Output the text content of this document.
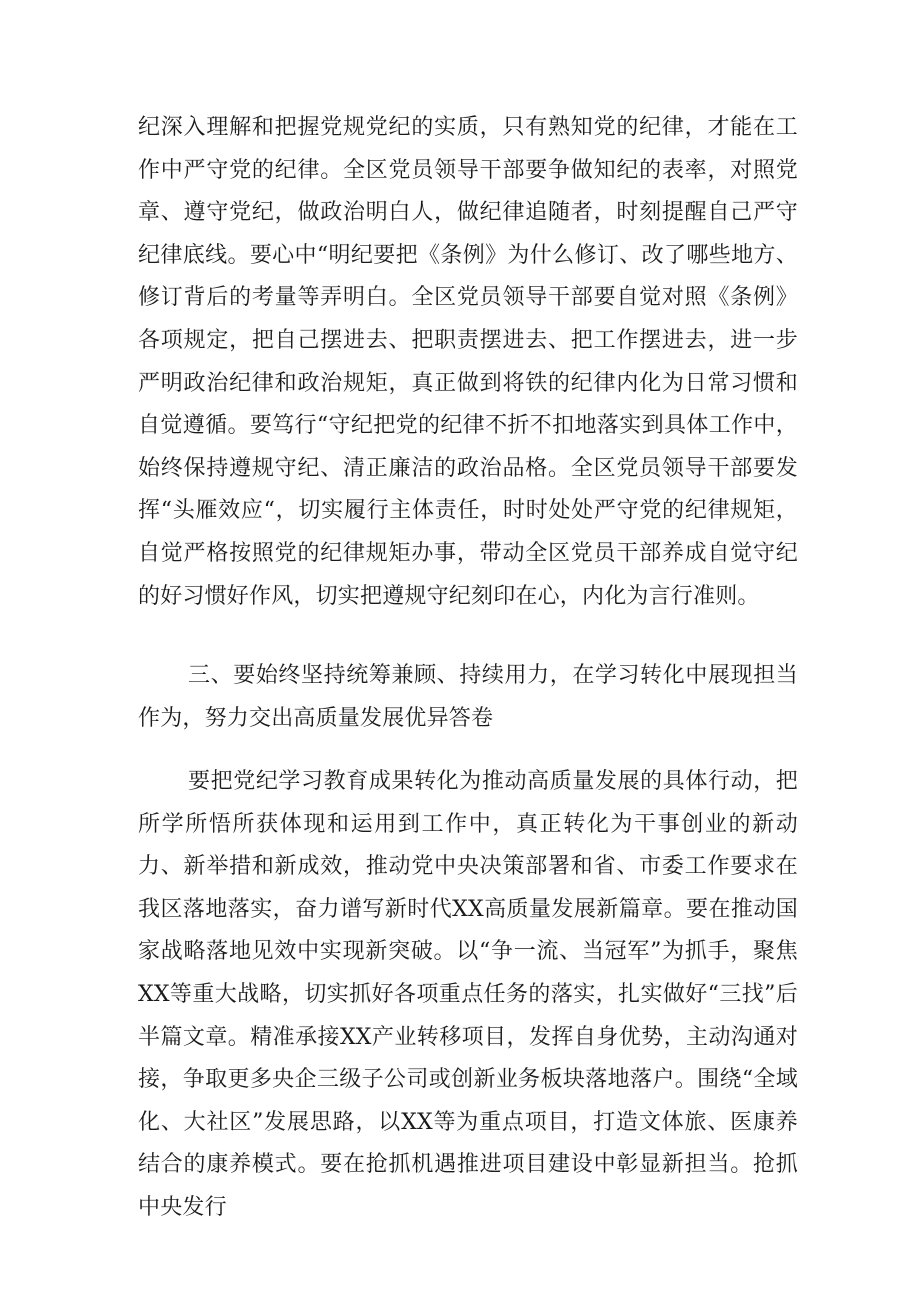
纪深入理解和把握党规党纪的实质，只有熟知党的纪律，才能在工作中严守党的纪律。全区党员领导干部要争做知纪的表率，对照党章、遵守党纪，做政治明白人，做纪律追随者，时刻提醒自己严守纪律底线。要心中“明纪要把《条例》为什么修订、改了哪些地方、修订背后的考量等弄明白。全区党员领导干部要自觉对照《条例》各项规定，把自己摆进去、把职责摆进去、把工作摆进去，进一步严明政治纪律和政治规矩，真正做到将铁的纪律内化为日常习惯和自觉遵循。要笃行“守纪把党的纪律不折不扣地落实到具体工作中，始终保持遵规守纪、清正廉洁的政治品格。全区党员领导干部要发挥“头雁效应“，切实履行主体责任，时时处处严守党的纪律规矩，自觉严格按照党的纪律规矩办事，带动全区党员干部养成自觉守纪的好习惯好作风，切实把遵规守纪刻印在心，内化为言行准则。

三、要始终坚持统筹兼顾、持续用力，在学习转化中展现担当作为，努力交出高质量发展优异答卷

要把党纪学习教育成果转化为推动高质量发展的具体行动，把所学所悟所获体现和运用到工作中，真正转化为干事创业的新动力、新举措和新成效，推动党中央决策部署和省、市委工作要求在我区落地落实，奋力谱写新时代XX高质量发展新篇章。要在推动国家战略落地见效中实现新突破。以“争一流、当冠军”为抓手，聚焦XX等重大战略，切实抓好各项重点任务的落实，扎实做好“三找”后半篇文章。精准承接XX产业转移项目，发挥自身优势，主动沟通对接，争取更多央企三级子公司或创新业务板块落地落户。围绕“全域化、大社区”发展思路，以XX等为重点项目，打造文体旅、医康养结合的康养模式。要在抢抓机遇推进项目建设中彰显新担当。抢抓中央发行
